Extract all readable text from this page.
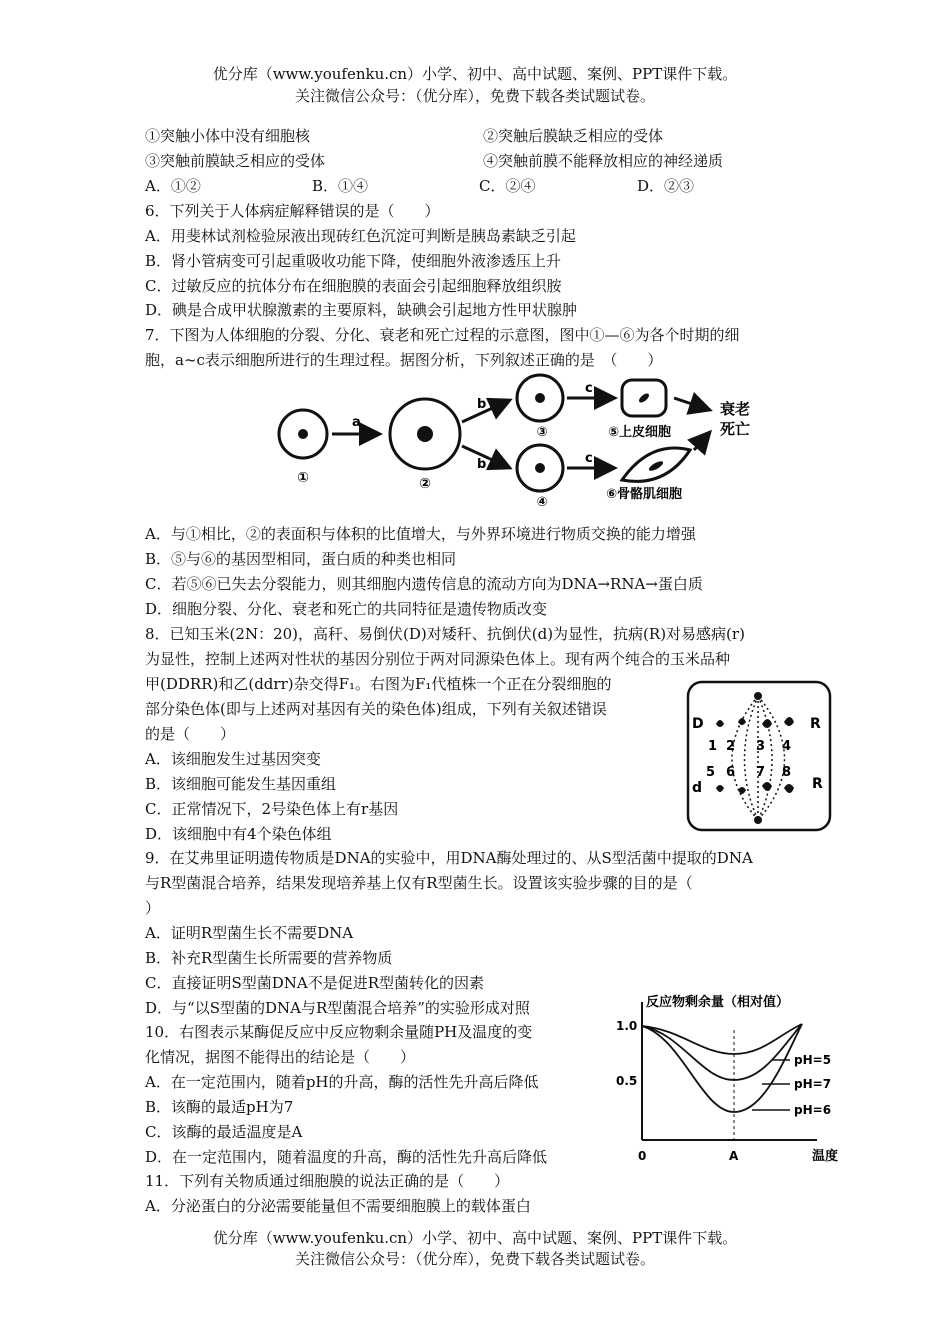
优分库（www.youfenku.cn）小学、初中、高中试题、案例、PPT课件下载。
关注微信公众号：（优分库），免费下载各类试题试卷。
①突触小体中没有细胞核	②突触后膜缺乏相应的受体
③突触前膜缺乏相应的受体	④突触前膜不能释放相应的神经递质
A．①②	B．①④	C．②④	D．②③
6．下列关于人体病症解释错误的是（　　）
A．用斐林试剂检验尿液出现砖红色沉淀可判断是胰岛素缺乏引起
B．肾小管病变可引起重吸收功能下降，使细胞外液渗透压上升
C．过敏反应的抗体分布在细胞膜的表面会引起细胞释放组织胺
D．碘是合成甲状腺激素的主要原料，缺碘会引起地方性甲状腺肿
7．下图为人体细胞的分裂、分化、衰老和死亡过程的示意图，图中①—⑥为各个时期的细
胞，a~c表示细胞所进行的生理过程。据图分析，下列叙述正确的是　（　　）
①
a
②
b
b
③
④
c
c
⑤上皮细胞
⑥骨骼肌细胞
衰老
死亡
A．与①相比，②的表面积与体积的比值增大，与外界环境进行物质交换的能力增强
B．⑤与⑥的基因型相同，蛋白质的种类也相同
C．若⑤⑥已失去分裂能力，则其细胞内遗传信息的流动方向为DNA→RNA→蛋白质
D．细胞分裂、分化、衰老和死亡的共同特征是遗传物质改变
8．已知玉米(2N：20)，高秆、易倒伏(D)对矮秆、抗倒伏(d)为显性，抗病(R)对易感病(r)
为显性，控制上述两对性状的基因分别位于两对同源染色体上。现有两个纯合的玉米品种
甲(DDRR)和乙(ddrr)杂交得F₁。右图为F₁代植株一个正在分裂细胞的
部分染色体(即与上述两对基因有关的染色体)组成，下列有关叙述错误
的是（　　）
A．该细胞发生过基因突变
B．该细胞可能发生基因重组
C．正常情况下，2号染色体上有r基因
D．该细胞中有4个染色体组
D	R
d	R
1 2 3 4
5 6 7 8
9．在艾弗里证明遗传物质是DNA的实验中，用DNA酶处理过的、从S型活菌中提取的DNA
与R型菌混合培养，结果发现培养基上仅有R型菌生长。设置该实验步骤的目的是（
）
A．证明R型菌生长不需要DNA
B．补充R型菌生长所需要的营养物质
C．直接证明S型菌DNA不是促进R型菌转化的因素
D．与“以S型菌的DNA与R型菌混合培养”的实验形成对照
10．右图表示某酶促反应中反应物剩余量随PH及温度的变
化情况，据图不能得出的结论是（　　）
A．在一定范围内，随着pH的升高，酶的活性先升高后降低
B．该酶的最适pH为7
C．该酶的最适温度是A
D．在一定范围内，随着温度的升高，酶的活性先升高后降低
反应物剩余量（相对值）
1.0
0.5
0	A	温度
pH=5
pH=7
pH=6
11．下列有关物质通过细胞膜的说法正确的是（　　）
A．分泌蛋白的分泌需要能量但不需要细胞膜上的载体蛋白
优分库（www.youfenku.cn）小学、初中、高中试题、案例、PPT课件下载。
关注微信公众号：（优分库），免费下载各类试题试卷。
